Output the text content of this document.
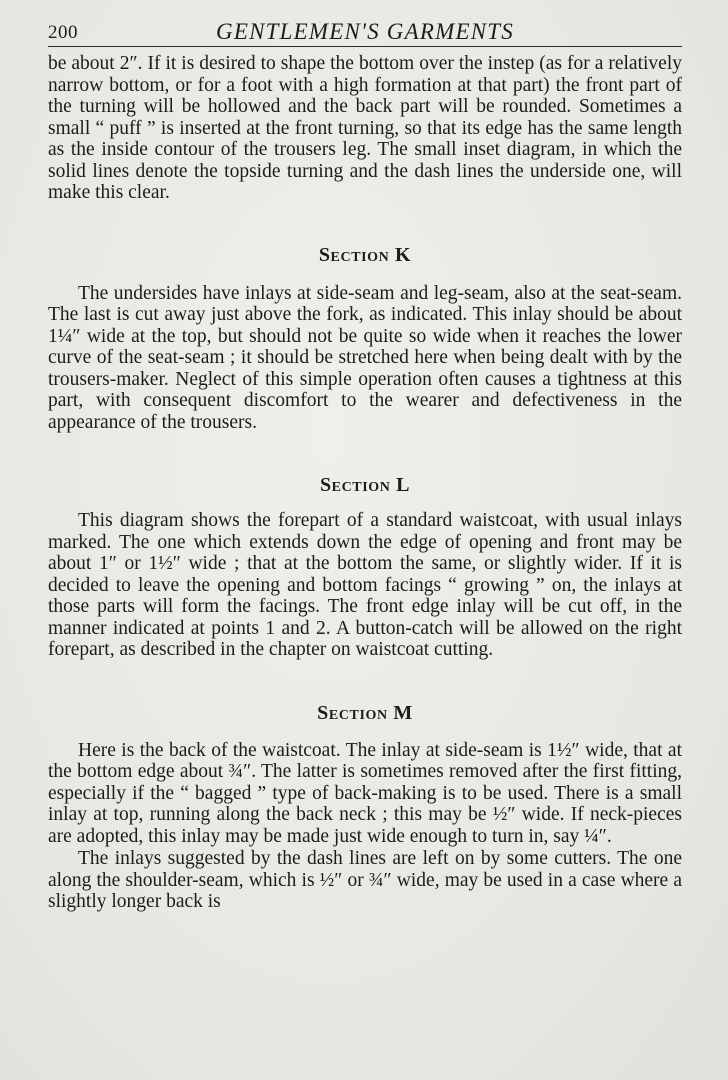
200	GENTLEMEN'S GARMENTS

be about 2″. If it is desired to shape the bottom over the instep (as for a relatively narrow bottom, or for a foot with a high formation at that part) the front part of the turning will be hollowed and the back part will be rounded. Sometimes a small “ puff ” is inserted at the front turning, so that its edge has the same length as the inside contour of the trousers leg. The small inset diagram, in which the solid lines denote the topside turning and the dash lines the underside one, will make this clear.

Section K

The undersides have inlays at side-seam and leg-seam, also at the seat-seam. The last is cut away just above the fork, as indicated. This inlay should be about 1¼″ wide at the top, but should not be quite so wide when it reaches the lower curve of the seat-seam ; it should be stretched here when being dealt with by the trousers-maker. Neglect of this simple operation often causes a tightness at this part, with consequent discomfort to the wearer and defectiveness in the appearance of the trousers.

Section L

This diagram shows the forepart of a standard waistcoat, with usual inlays marked. The one which extends down the edge of opening and front may be about 1″ or 1½″ wide ; that at the bottom the same, or slightly wider. If it is decided to leave the opening and bottom facings “ growing ” on, the inlays at those parts will form the facings. The front edge inlay will be cut off, in the manner indicated at points 1 and 2. A button-catch will be allowed on the right forepart, as described in the chapter on waistcoat cutting.

Section M

Here is the back of the waistcoat. The inlay at side-seam is 1½″ wide, that at the bottom edge about ¾″. The latter is sometimes removed after the first fitting, especially if the “ bagged ” type of back-making is to be used. There is a small inlay at top, running along the back neck ; this may be ½″ wide. If neck-pieces are adopted, this inlay may be made just wide enough to turn in, say ¼″.

The inlays suggested by the dash lines are left on by some cutters. The one along the shoulder-seam, which is ½″ or ¾″ wide, may be used in a case where a slightly longer back is
